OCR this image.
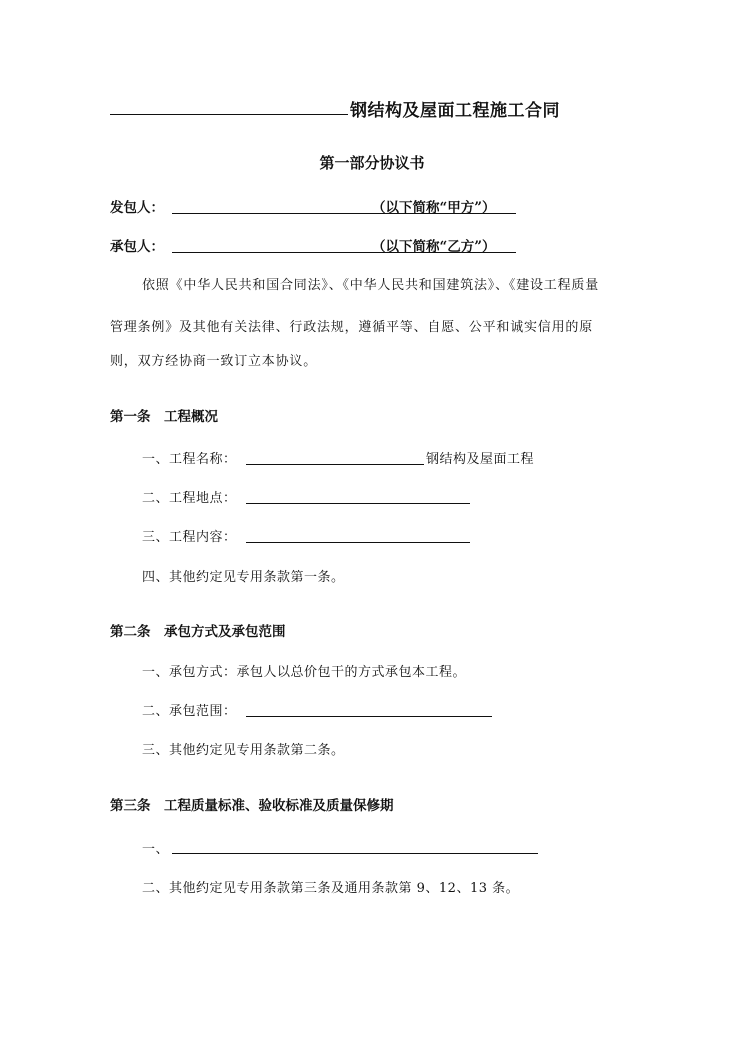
钢结构及屋面工程施工合同
第一部分协议书
发包人：	（以下简称“甲方”）
承包人：	（以下简称“乙方”）
依照《中华人民共和国合同法》、《中华人民共和国建筑法》、《建设工程质量
管理条例》及其他有关法律、行政法规，遵循平等、自愿、公平和诚实信用的原
则，双方经协商一致订立本协议。
第一条　工程概况
一、工程名称：	钢结构及屋面工程
二、工程地点：
三、工程内容：
四、其他约定见专用条款第一条。
第二条　承包方式及承包范围
一、承包方式：承包人以总价包干的方式承包本工程。
二、承包范围：
三、其他约定见专用条款第二条。
第三条　工程质量标准、验收标准及质量保修期
一、
二、其他约定见专用条款第三条及通用条款第 9、12、13 条。
